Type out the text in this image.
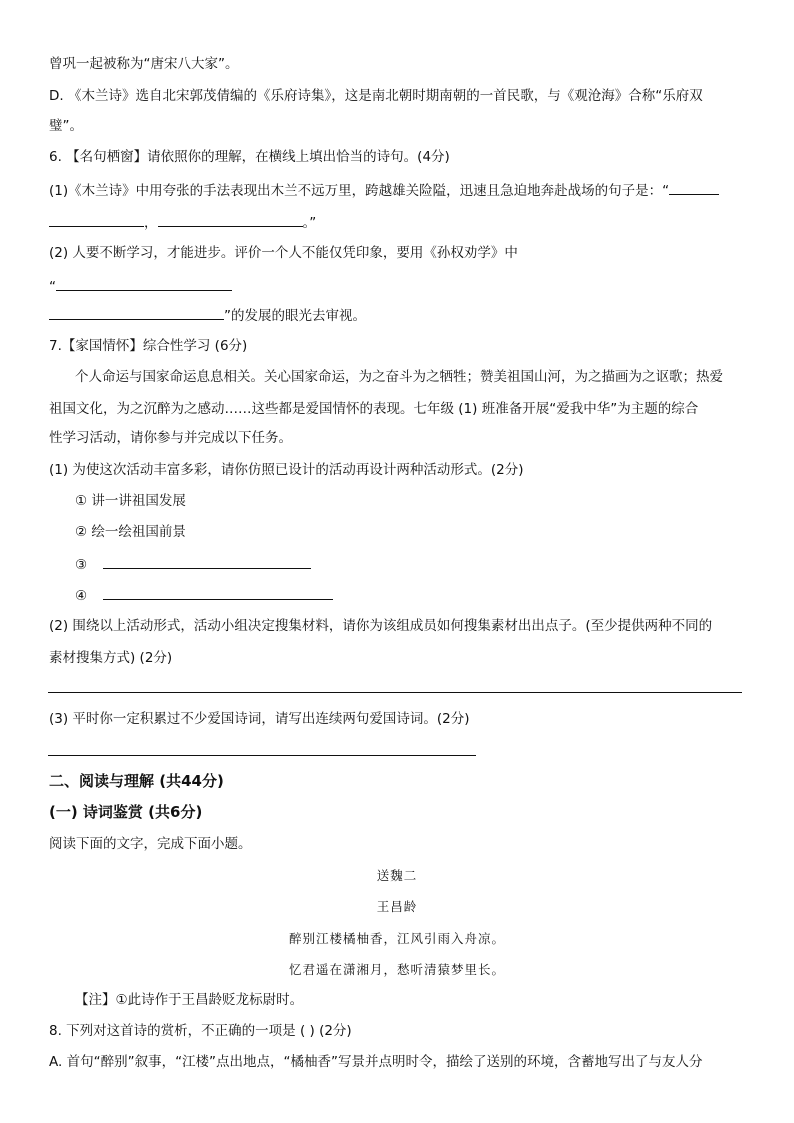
曾巩一起被称为“唐宋八大家”。
D. 《木兰诗》选自北宋郭茂倩编的《乐府诗集》，这是南北朝时期南朝的一首民歌，与《观沧海》合称“乐府双
璧”。
6. 【名句栖窗】请依照你的理解，在横线上填出恰当的诗句。(4分)
(1)《木兰诗》中用夸张的手法表现出木兰不远万里，跨越雄关险隘，迅速且急迫地奔赴战场的句子是：“
，	。”
(2) 人要不断学习，才能进步。评价一个人不能仅凭印象，要用《孙权劝学》中
“
”的发展的眼光去审视。
7.【家国情怀】综合性学习 (6分)
个人命运与国家命运息息相关。关心国家命运，为之奋斗为之牺牲；赞美祖国山河，为之描画为之讴歌；热爱
祖国文化，为之沉醉为之感动……这些都是爱国情怀的表现。七年级 (1) 班准备开展“爱我中华”为主题的综合
性学习活动，请你参与并完成以下任务。
(1) 为使这次活动丰富多彩，请你仿照已设计的活动再设计两种活动形式。(2分)
① 讲一讲祖国发展
② 绘一绘祖国前景
③
④
(2) 围绕以上活动形式，活动小组决定搜集材料，请你为该组成员如何搜集素材出出点子。(至少提供两种不同的
素材搜集方式) (2分)
(3) 平时你一定积累过不少爱国诗词，请写出连续两句爱国诗词。(2分)
二、阅读与理解 (共44分)
(一) 诗词鉴赏 (共6分)
阅读下面的文字，完成下面小题。
送魏二
王昌龄
醉别江楼橘柚香，江风引雨入舟凉。
忆君遥在潇湘月，愁听清猿梦里长。
【注】①此诗作于王昌龄贬龙标尉时。
8. 下列对这首诗的赏析，不正确的一项是 ( ) (2分)
A. 首句“醉别”叙事，“江楼”点出地点，“橘柚香”写景并点明时令，描绘了送别的环境，含蓄地写出了与友人分
